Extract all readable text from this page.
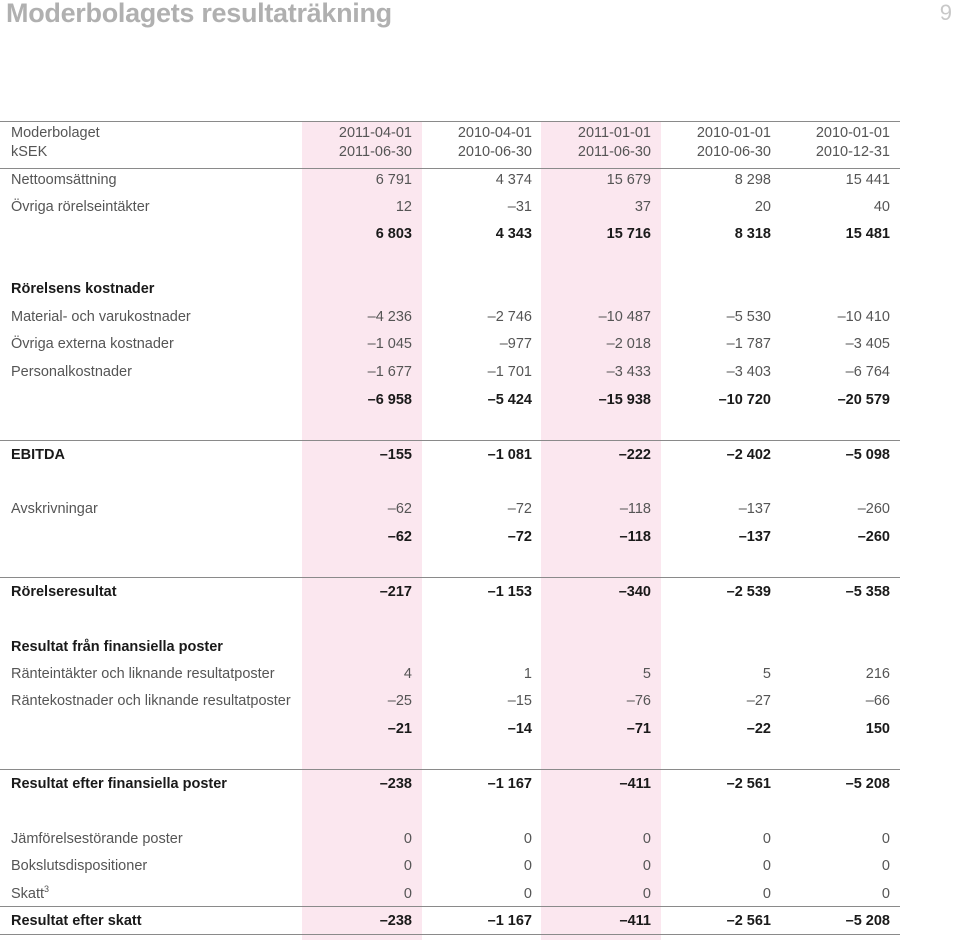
Moderbolagets resultaträkning	9
Moderbolaget	2011-04-01	2010-04-01	2011-01-01	2010-01-01	2010-01-01
kSEK	2011-06-30	2010-06-30	2011-06-30	2010-06-30	2010-12-31
Nettoomsättning	6 791	4 374	15 679	8 298	15 441
Övriga rörelseintäkter	12	–31	37	20	40
6 803	4 343	15 716	8 318	15 481
Rörelsens kostnader
Material- och varukostnader	–4 236	–2 746	–10 487	–5 530	–10 410
Övriga externa kostnader	–1 045	–977	–2 018	–1 787	–3 405
Personalkostnader	–1 677	–1 701	–3 433	–3 403	–6 764
–6 958	–5 424	–15 938	–10 720	–20 579
EBITDA	–155	–1 081	–222	–2 402	–5 098
Avskrivningar	–62	–72	–118	–137	–260
–62	–72	–118	–137	–260
Rörelseresultat	–217	–1 153	–340	–2 539	–5 358
Resultat från finansiella poster
Ränteintäkter och liknande resultatposter	4	1	5	5	216
Räntekostnader och liknande resultatposter	–25	–15	–76	–27	–66
–21	–14	–71	–22	150
Resultat efter finansiella poster	–238	–1 167	–411	–2 561	–5 208
Jämförelsestörande poster	0	0	0	0	0
Bokslutsdispositioner	0	0	0	0	0
Skatt$^3$	0	0	0	0	0
Resultat efter skatt	–238	–1 167	–411	–2 561	–5 208
